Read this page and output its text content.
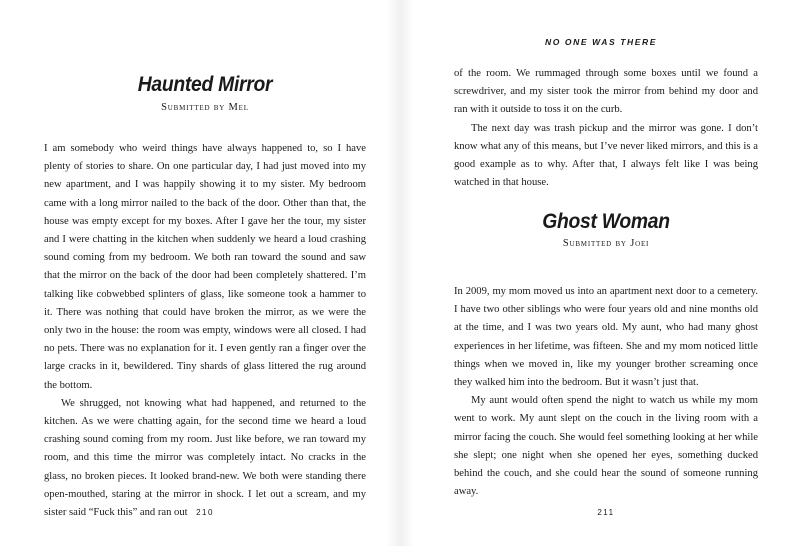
NO ONE WAS THERE
Haunted Mirror
Submitted by Mel

I am somebody who weird things have always happened to, so I have plenty of stories to share. On one particular day, I had just moved into my new apartment, and I was happily showing it to my sister. My bedroom came with a long mirror nailed to the back of the door. Other than that, the house was empty except for my boxes. After I gave her the tour, my sister and I were chatting in the kitchen when suddenly we heard a loud crashing sound coming from my bedroom. We both ran toward the sound and saw that the mirror on the back of the door had been completely shattered. I’m talking like cobwebbed splinters of glass, like someone took a hammer to it. There was nothing that could have broken the mirror, as we were the only two in the house: the room was empty, windows were all closed. I had no pets. There was no explanation for it. I even gently ran a finger over the large cracks in it, bewildered. Tiny shards of glass littered the rug around the bottom.

We shrugged, not knowing what had happened, and returned to the kitchen. As we were chatting again, for the second time we heard a loud crashing sound coming from my room. Just like before, we ran toward my room, and this time the mirror was completely intact. No cracks in the glass, no broken pieces. It looked brand-new. We both were standing there open-mouthed, staring at the mirror in shock. I let out a scream, and my sister said “Fuck this” and ran out	210

of the room. We rummaged through some boxes until we found a screwdriver, and my sister took the mirror from behind my door and ran with it outside to toss it on the curb.

The next day was trash pickup and the mirror was gone. I don’t know what any of this means, but I’ve never liked mirrors, and this is a good example as to why. After that, I always felt like I was being watched in that house.

Ghost Woman
Submitted by Joei

In 2009, my mom moved us into an apartment next door to a cemetery. I have two other siblings who were four years old and nine months old at the time, and I was two years old. My aunt, who had many ghost experiences in her lifetime, was fifteen. She and my mom noticed little things when we moved in, like my younger brother screaming once they walked him into the bedroom. But it wasn’t just that.

My aunt would often spend the night to watch us while my mom went to work. My aunt slept on the couch in the living room with a mirror facing the couch. She would feel something looking at her while she slept; one night when she opened her eyes, something ducked behind the couch, and she could hear the sound of someone running away.

211
